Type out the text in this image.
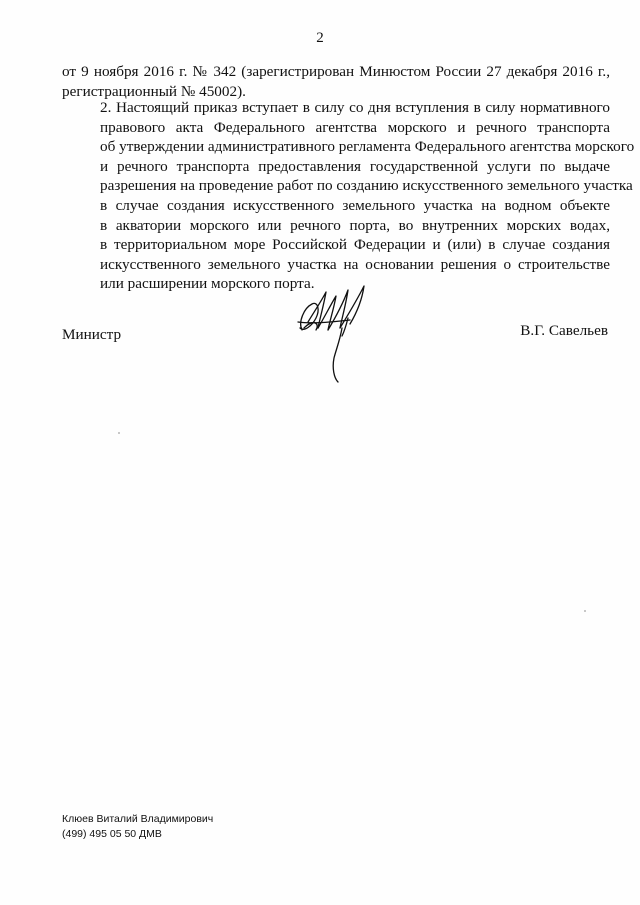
2
от 9 ноября 2016 г. № 342 (зарегистрирован Минюстом России 27 декабря 2016 г.,
регистрационный № 45002).
2. Настоящий приказ вступает в силу со дня вступления в силу нормативного
правового акта Федерального агентства морского и речного транспорта
об утверждении административного регламента Федерального агентства морского
и речного транспорта предоставления государственной услуги по выдаче
разрешения на проведение работ по созданию искусственного земельного участка
в случае создания искусственного земельного участка на водном объекте
в акватории морского или речного порта, во внутренних морских водах,
в территориальном море Российской Федерации и (или) в случае создания
искусственного земельного участка на основании решения о строительстве
или расширении морского порта.
Министр	В.Г. Савельев
Клюев Виталий Владимирович
(499) 495 05 50 ДМВ
